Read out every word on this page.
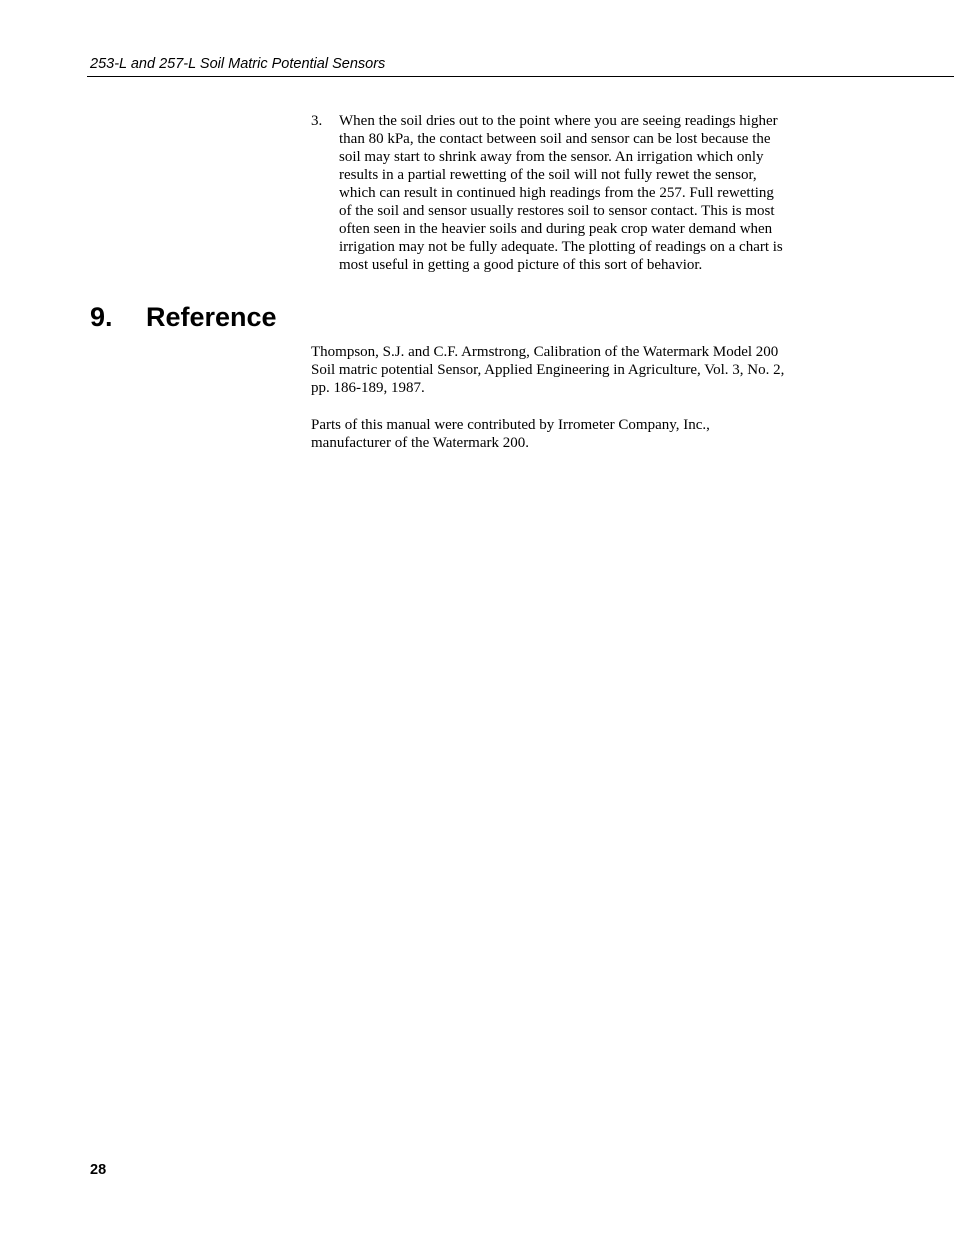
253-L and 257-L Soil Matric Potential Sensors
3. When the soil dries out to the point where you are seeing readings higher
than 80 kPa, the contact between soil and sensor can be lost because the
soil may start to shrink away from the sensor. An irrigation which only
results in a partial rewetting of the soil will not fully rewet the sensor,
which can result in continued high readings from the 257. Full rewetting
of the soil and sensor usually restores soil to sensor contact. This is most
often seen in the heavier soils and during peak crop water demand when
irrigation may not be fully adequate. The plotting of readings on a chart is
most useful in getting a good picture of this sort of behavior.
9. Reference
Thompson, S.J. and C.F. Armstrong, Calibration of the Watermark Model 200
Soil matric potential Sensor, Applied Engineering in Agriculture, Vol. 3, No. 2,
pp. 186-189, 1987.
Parts of this manual were contributed by Irrometer Company, Inc.,
manufacturer of the Watermark 200.
28
